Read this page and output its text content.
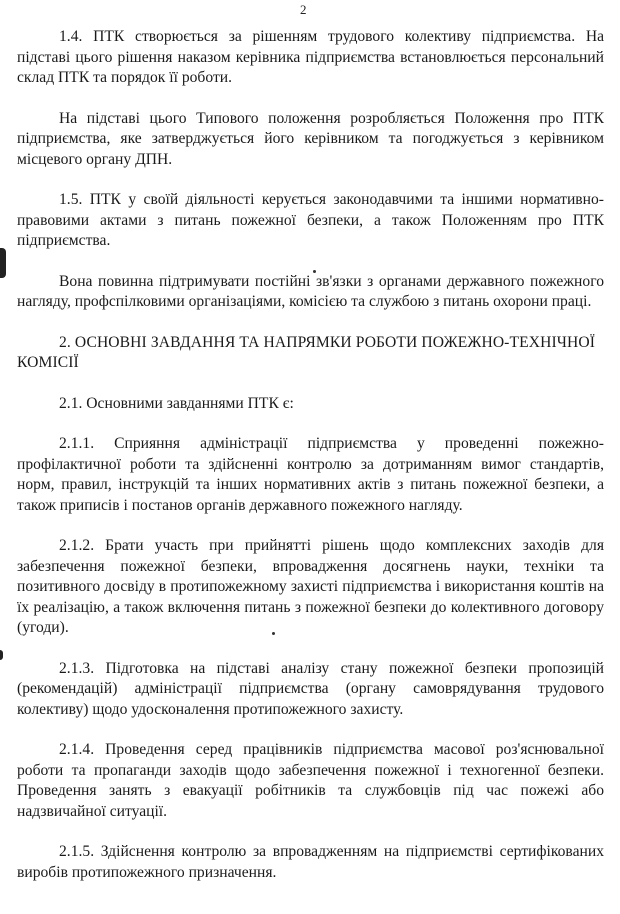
2

1.4. ПТК створюється за рішенням трудового колективу підприємства. На підставі цього рішення наказом керівника підприємства встановлюється персональний склад ПТК та порядок її роботи.

На підставі цього Типового положення розробляється Положення про ПТК підприємства, яке затверджується його керівником та погоджується з керівником місцевого органу ДПН.

1.5. ПТК у своїй діяльності керується законодавчими та іншими нормативно-правовими актами з питань пожежної безпеки, а також Положенням про ПТК підприємства.

Вона повинна підтримувати постійні зв'язки з органами державного пожежного нагляду, профспілковими організаціями, комісією та службою з питань охорони праці.

2. ОСНОВНІ ЗАВДАННЯ ТА НАПРЯМКИ РОБОТИ ПОЖЕЖНО-ТЕХНІЧНОЇ КОМІСІЇ

2.1. Основними завданнями ПТК є:

2.1.1. Сприяння адміністрації підприємства у проведенні пожежно-профілактичної роботи та здійсненні контролю за дотриманням вимог стандартів, норм, правил, інструкцій та інших нормативних актів з питань пожежної безпеки, а також приписів і постанов органів державного пожежного нагляду.

2.1.2. Брати участь при прийнятті рішень щодо комплексних заходів для забезпечення пожежної безпеки, впровадження досягнень науки, техніки та позитивного досвіду в протипожежному захисті підприємства і використання коштів на їх реалізацію, а також включення питань з пожежної безпеки до колективного договору (угоди).

2.1.3. Підготовка на підставі аналізу стану пожежної безпеки пропозицій (рекомендацій) адміністрації підприємства (органу самоврядування трудового колективу) щодо удосконалення протипожежного захисту.

2.1.4. Проведення серед працівників підприємства масової роз'яснювальної роботи та пропаганди заходів щодо забезпечення пожежної і техногенної безпеки. Проведення занять з евакуації робітників та службовців під час пожежі або надзвичайної ситуації.

2.1.5. Здійснення контролю за впровадженням на підприємстві сертифікованих виробів протипожежного призначення.
